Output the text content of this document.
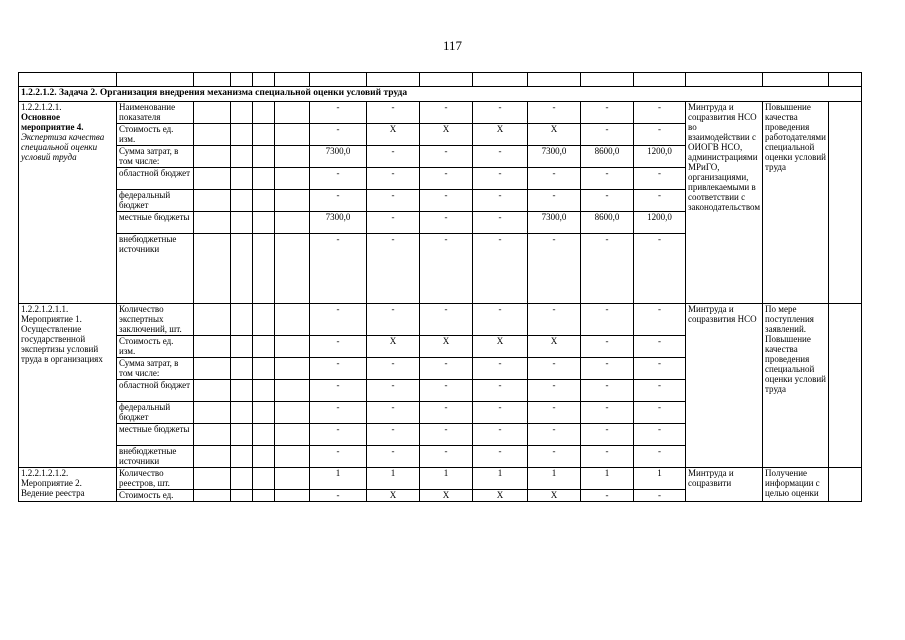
117

1.2.2.1.2. Задача 2. Организация внедрения механизма специальной оценки условий труда															

1.2.2.1.2.1.
Основное мероприятие 4.
Экспертиза качества специальной оценки условий труда	Наименование показателя					-	-	-	-	-	-	-	Минтруда и соцразвития НСО во взаимодействии с ОИОГВ НСО, администрациями МРиГО, организациями, привлекаемыми в соответствии с законодательством	Повышение качества проведения работодателями специальной оценки условий труда	
	Стоимость ед. изм.					-	X	X	X	X	-	-			
	Сумма затрат, в том числе:					7300,0	-	-	-	7300,0	8600,0	1200,0			
	областной бюджет					-	-	-	-	-	-	-			
	федеральный бюджет					-	-	-	-	-	-	-			
	местные бюджеты					7300,0	-	-	-	7300,0	8600,0	1200,0			
	внебюджетные источники					-	-	-	-	-	-	-			

1.2.2.1.2.1.1.
Мероприятие 1. Осуществление государственной экспертизы условий труда в организациях	Количество экспертных заключений, шт.					-	-	-	-	-	-	-	Минтруда и соцразвития НСО	По мере поступления заявлений. Повышение качества проведения специальной оценки условий труда	
	Стоимость ед. изм.					-	X	X	X	X	-	-			
	Сумма затрат, в том числе:					-	-	-	-	-	-	-			
	областной бюджет					-	-	-	-	-	-	-			
	федеральный бюджет					-	-	-	-	-	-	-			
	местные бюджеты					-	-	-	-	-	-	-			
	внебюджетные источники					-	-	-	-	-	-	-			

1.2.2.1.2.1.2.
Мероприятие 2. Ведение реестра	Количество реестров, шт.					1	1	1	1	1	1	1	Минтруда и соцразвити	Получение информации с целью оценки	
	Стоимость ед.					-	X	X	X	X	-	-			
